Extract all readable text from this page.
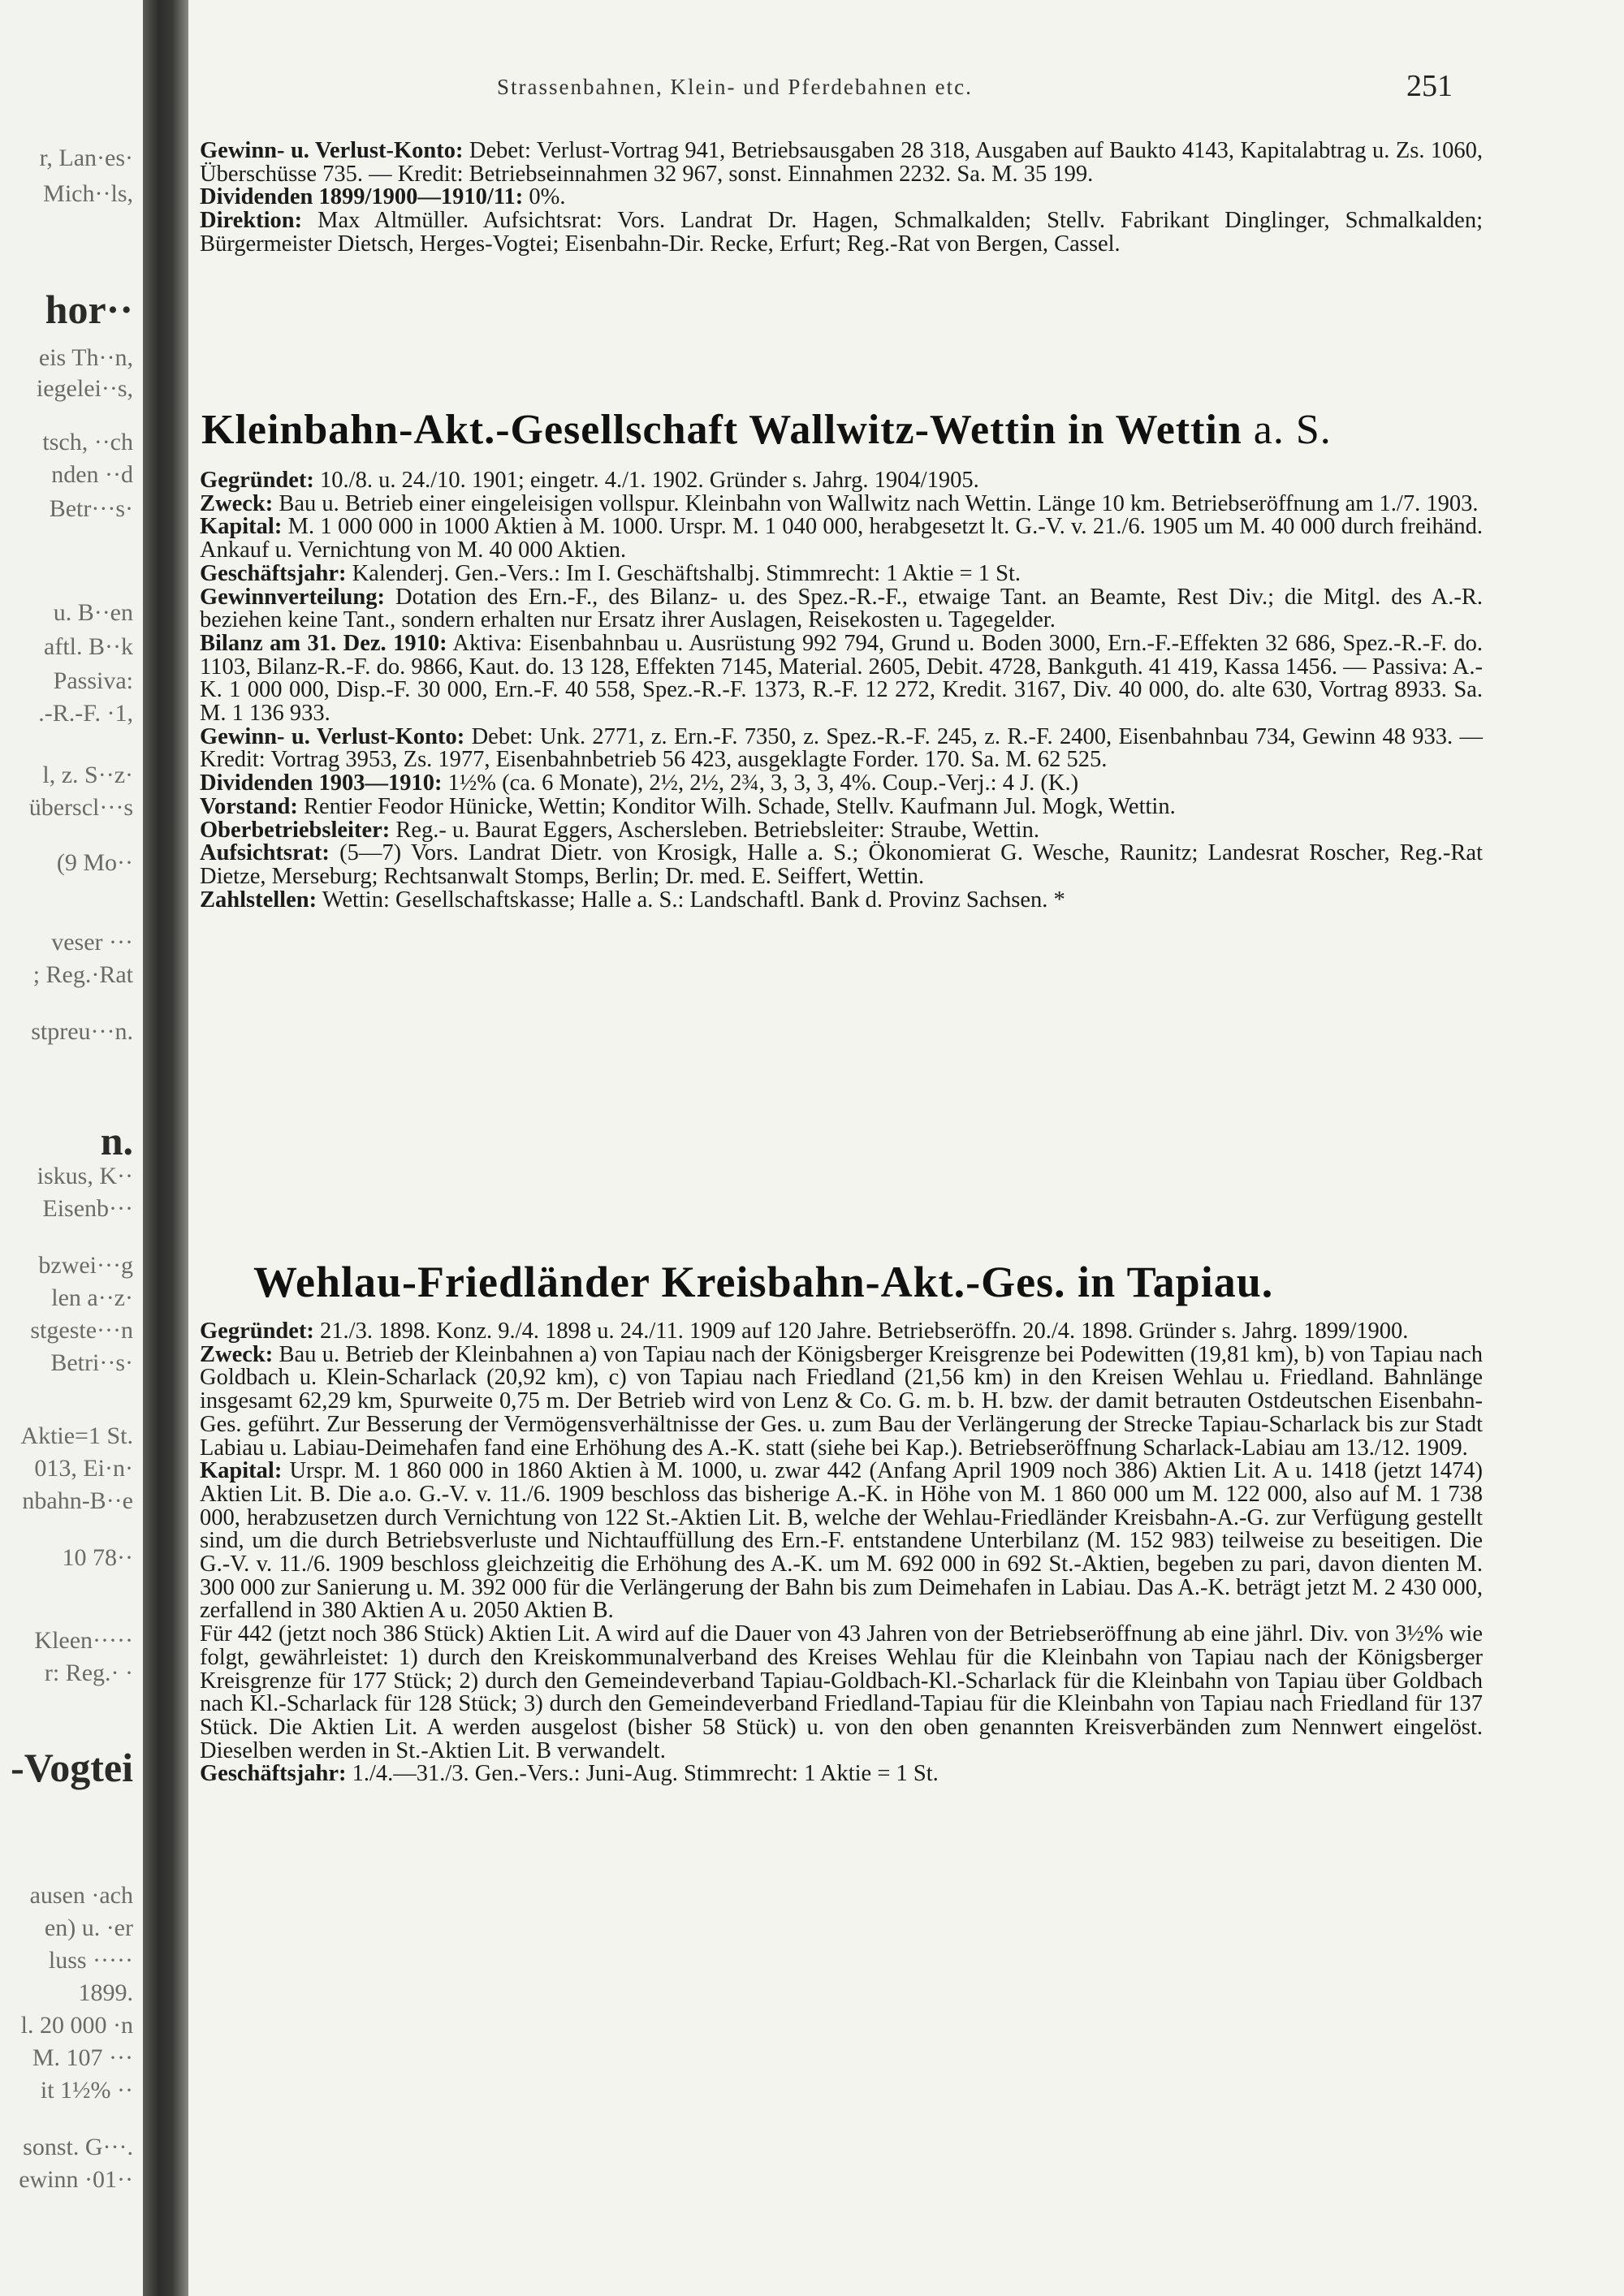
r, Lan·es·
Mich··ls,
hor··
eis Th··n,
iegelei··s,
tsch, ··ch
nden ··d
Betr···s·
u. B··en
aftl. B··k
Passiva:
.-R.-F. ·1,
l, z. S··z·
überscl···s
(9 Mo··
veser ···
; Reg.·Rat
stpreu···n.
n.
iskus, K··
Eisenb···
bzwei···g
len a··z·
stgeste···n
Betri··s·
Aktie=1 St.
013, Ei·n·
nbahn-B··e
10 78··
Kleen·····
r: Reg.· ·
-Vogtei
ausen ·ach
en) u. ·er
luss ·····
1899.
l. 20 000 ·n
M. 107 ···
it 1½% ··
sonst. G···.
ewinn ·01··
Strassenbahnen, Klein- und Pferdebahnen etc.	251

Gewinn- u. Verlust-Konto: Debet: Verlust-Vortrag 941, Betriebsausgaben 28 318, Ausgaben auf Baukto 4143, Kapitalabtrag u. Zs. 1060, Überschüsse 735. — Kredit: Betriebseinnahmen 32 967, sonst. Einnahmen 2232. Sa. M. 35 199.

Dividenden 1899/1900—1910/11: 0%.

Direktion: Max Altmüller. Aufsichtsrat: Vors. Landrat Dr. Hagen, Schmalkalden; Stellv. Fabrikant Dinglinger, Schmalkalden; Bürgermeister Dietsch, Herges-Vogtei; Eisenbahn-Dir. Recke, Erfurt; Reg.-Rat von Bergen, Cassel.

Kleinbahn-Akt.-Gesellschaft Wallwitz-Wettin in Wettin a. S.

Gegründet: 10./8. u. 24./10. 1901; eingetr. 4./1. 1902. Gründer s. Jahrg. 1904/1905.

Zweck: Bau u. Betrieb einer eingeleisigen vollspur. Kleinbahn von Wallwitz nach Wettin. Länge 10 km. Betriebseröffnung am 1./7. 1903.

Kapital: M. 1 000 000 in 1000 Aktien à M. 1000. Urspr. M. 1 040 000, herabgesetzt lt. G.-V. v. 21./6. 1905 um M. 40 000 durch freihänd. Ankauf u. Vernichtung von M. 40 000 Aktien.

Geschäftsjahr: Kalenderj. Gen.-Vers.: Im I. Geschäftshalbj. Stimmrecht: 1 Aktie = 1 St.

Gewinnverteilung: Dotation des Ern.-F., des Bilanz- u. des Spez.-R.-F., etwaige Tant. an Beamte, Rest Div.; die Mitgl. des A.-R. beziehen keine Tant., sondern erhalten nur Ersatz ihrer Auslagen, Reisekosten u. Tagegelder.

Bilanz am 31. Dez. 1910: Aktiva: Eisenbahnbau u. Ausrüstung 992 794, Grund u. Boden 3000, Ern.-F.-Effekten 32 686, Spez.-R.-F. do. 1103, Bilanz-R.-F. do. 9866, Kaut. do. 13 128, Effekten 7145, Material. 2605, Debit. 4728, Bankguth. 41 419, Kassa 1456. — Passiva: A.-K. 1 000 000, Disp.-F. 30 000, Ern.-F. 40 558, Spez.-R.-F. 1373, R.-F. 12 272, Kredit. 3167, Div. 40 000, do. alte 630, Vortrag 8933. Sa. M. 1 136 933.

Gewinn- u. Verlust-Konto: Debet: Unk. 2771, z. Ern.-F. 7350, z. Spez.-R.-F. 245, z. R.-F. 2400, Eisenbahnbau 734, Gewinn 48 933. — Kredit: Vortrag 3953, Zs. 1977, Eisenbahnbetrieb 56 423, ausgeklagte Forder. 170. Sa. M. 62 525.

Dividenden 1903—1910: 1½% (ca. 6 Monate), 2½, 2½, 2¾, 3, 3, 3, 4%. Coup.-Verj.: 4 J. (K.)

Vorstand: Rentier Feodor Hünicke, Wettin; Konditor Wilh. Schade, Stellv. Kaufmann Jul. Mogk, Wettin.

Oberbetriebsleiter: Reg.- u. Baurat Eggers, Aschersleben. Betriebsleiter: Straube, Wettin.

Aufsichtsrat: (5—7) Vors. Landrat Dietr. von Krosigk, Halle a. S.; Ökonomierat G. Wesche, Raunitz; Landesrat Roscher, Reg.-Rat Dietze, Merseburg; Rechtsanwalt Stomps, Berlin; Dr. med. E. Seiffert, Wettin.

Zahlstellen: Wettin: Gesellschaftskasse; Halle a. S.: Landschaftl. Bank d. Provinz Sachsen. *

Wehlau-Friedländer Kreisbahn-Akt.-Ges. in Tapiau.

Gegründet: 21./3. 1898. Konz. 9./4. 1898 u. 24./11. 1909 auf 120 Jahre. Betriebseröffn. 20./4. 1898. Gründer s. Jahrg. 1899/1900.

Zweck: Bau u. Betrieb der Kleinbahnen a) von Tapiau nach der Königsberger Kreisgrenze bei Podewitten (19,81 km), b) von Tapiau nach Goldbach u. Klein-Scharlack (20,92 km), c) von Tapiau nach Friedland (21,56 km) in den Kreisen Wehlau u. Friedland. Bahnlänge insgesamt 62,29 km, Spurweite 0,75 m. Der Betrieb wird von Lenz & Co. G. m. b. H. bzw. der damit betrauten Ostdeutschen Eisenbahn-Ges. geführt. Zur Besserung der Vermögensverhältnisse der Ges. u. zum Bau der Verlängerung der Strecke Tapiau-Scharlack bis zur Stadt Labiau u. Labiau-Deimehafen fand eine Erhöhung des A.-K. statt (siehe bei Kap.). Betriebseröffnung Scharlack-Labiau am 13./12. 1909.

Kapital: Urspr. M. 1 860 000 in 1860 Aktien à M. 1000, u. zwar 442 (Anfang April 1909 noch 386) Aktien Lit. A u. 1418 (jetzt 1474) Aktien Lit. B. Die a.o. G.-V. v. 11./6. 1909 beschloss das bisherige A.-K. in Höhe von M. 1 860 000 um M. 122 000, also auf M. 1 738 000, herabzusetzen durch Vernichtung von 122 St.-Aktien Lit. B, welche der Wehlau-Friedländer Kreisbahn-A.-G. zur Verfügung gestellt sind, um die durch Betriebsverluste und Nichtauffüllung des Ern.-F. entstandene Unterbilanz (M. 152 983) teilweise zu beseitigen. Die G.-V. v. 11./6. 1909 beschloss gleichzeitig die Erhöhung des A.-K. um M. 692 000 in 692 St.-Aktien, begeben zu pari, davon dienten M. 300 000 zur Sanierung u. M. 392 000 für die Verlängerung der Bahn bis zum Deimehafen in Labiau. Das A.-K. beträgt jetzt M. 2 430 000, zerfallend in 380 Aktien A u. 2050 Aktien B.

Für 442 (jetzt noch 386 Stück) Aktien Lit. A wird auf die Dauer von 43 Jahren von der Betriebseröffnung ab eine jährl. Div. von 3½% wie folgt, gewährleistet: 1) durch den Kreiskommunalverband des Kreises Wehlau für die Kleinbahn von Tapiau nach der Königsberger Kreisgrenze für 177 Stück; 2) durch den Gemeindeverband Tapiau-Goldbach-Kl.-Scharlack für die Kleinbahn von Tapiau über Goldbach nach Kl.-Scharlack für 128 Stück; 3) durch den Gemeindeverband Friedland-Tapiau für die Kleinbahn von Tapiau nach Friedland für 137 Stück. Die Aktien Lit. A werden ausgelost (bisher 58 Stück) u. von den oben genannten Kreisverbänden zum Nennwert eingelöst. Dieselben werden in St.-Aktien Lit. B verwandelt.

Geschäftsjahr: 1./4.—31./3. Gen.-Vers.: Juni-Aug. Stimmrecht: 1 Aktie = 1 St.
